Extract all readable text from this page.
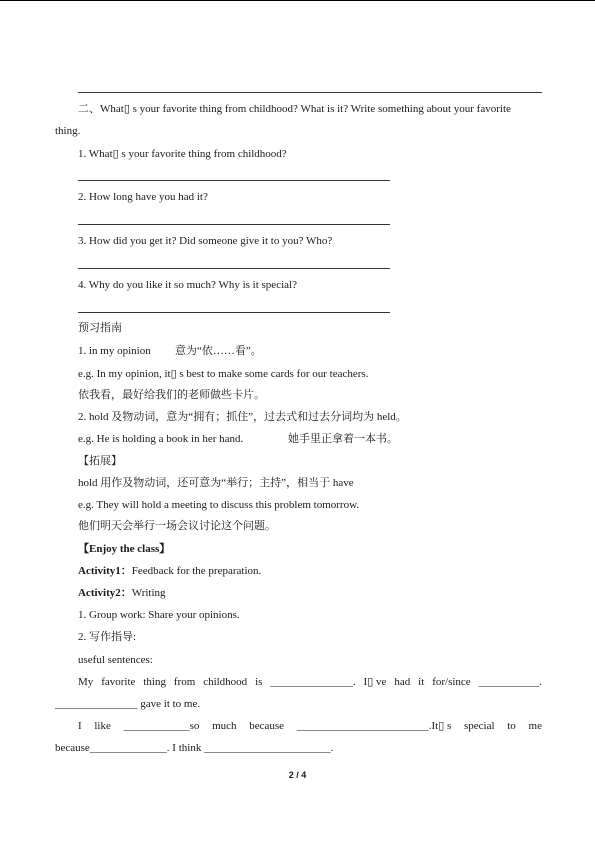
二、What▯ s your favorite thing from childhood? What is it? Write something about your favorite
thing.
1. What▯ s your favorite thing from childhood?
2. How long have you had it?
3. How did you get it? Did someone give it to you? Who?
4. Why do you like it so much? Why is it special?
预习指南
1. in my opinion 意为“依……看”。
e.g. In my opinion, it▯ s best to make some cards for our teachers.
依我看，最好给我们的老师做些卡片。
2. hold 及物动词，意为“拥有；抓住”，过去式和过去分词均为 held。
e.g. He is holding a book in her hand.	她手里正拿着一本书。
【拓展】
hold 用作及物动词，还可意为“举行；主持”，相当于 have
e.g. They will hold a meeting to discuss this problem tomorrow.
他们明天会举行一场会议讨论这个问题。
【Enjoy the class】
Activity1：Feedback for the preparation.
Activity2：Writing
1. Group work: Share your opinions.
2. 写作指导:
useful sentences:
My favorite thing from childhood is _______________. I▯ ve had it for/since ___________.
_______________ gave it to me.
I like ____________so much because ________________________.It▯ s special to me
because______________. I think _______________________.
2 / 4
